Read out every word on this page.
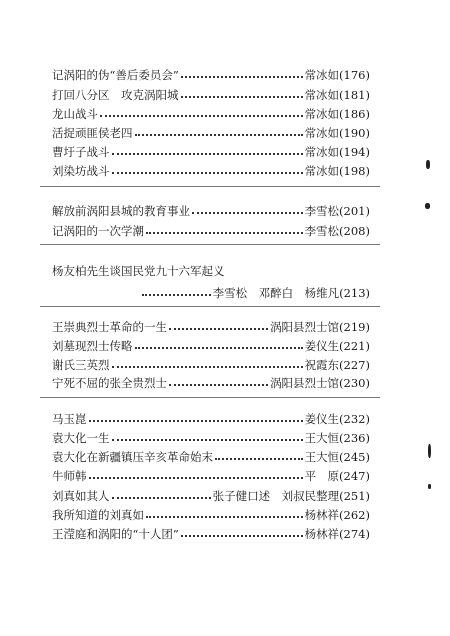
记涡阳的伪“善后委员会”	常冰如(176)
打回八分区　攻克涡阳城	常冰如(181)
龙山战斗	常冰如(186)
活捉顽匪侯老四	常冰如(190)
曹圩子战斗	常冰如(194)
刘染坊战斗	常冰如(198)
解放前涡阳县城的教育事业	李雪松(201)
记涡阳的一次学潮	李雪松(208)
杨友柏先生谈国民党九十六军起义
李雪松　邓醉白　杨维凡(213)
王崇典烈士革命的一生	涡阳县烈士馆(219)
刘墓现烈士传略	姜仪生(221)
谢氏三英烈	祝霞东(227)
宁死不屈的张全贵烈士	涡阳县烈士馆(230)
马玉崑	姜仪生(232)
袁大化一生	王大恒(236)
袁大化在新疆镇压辛亥革命始末	王大恒(245)
牛师韩	平　原(247)
刘真如其人	张子健口述　刘叔民整理(251)
我所知道的刘真如	杨林祥(262)
王滢庭和涡阳的“十人团”	杨林祥(274)
